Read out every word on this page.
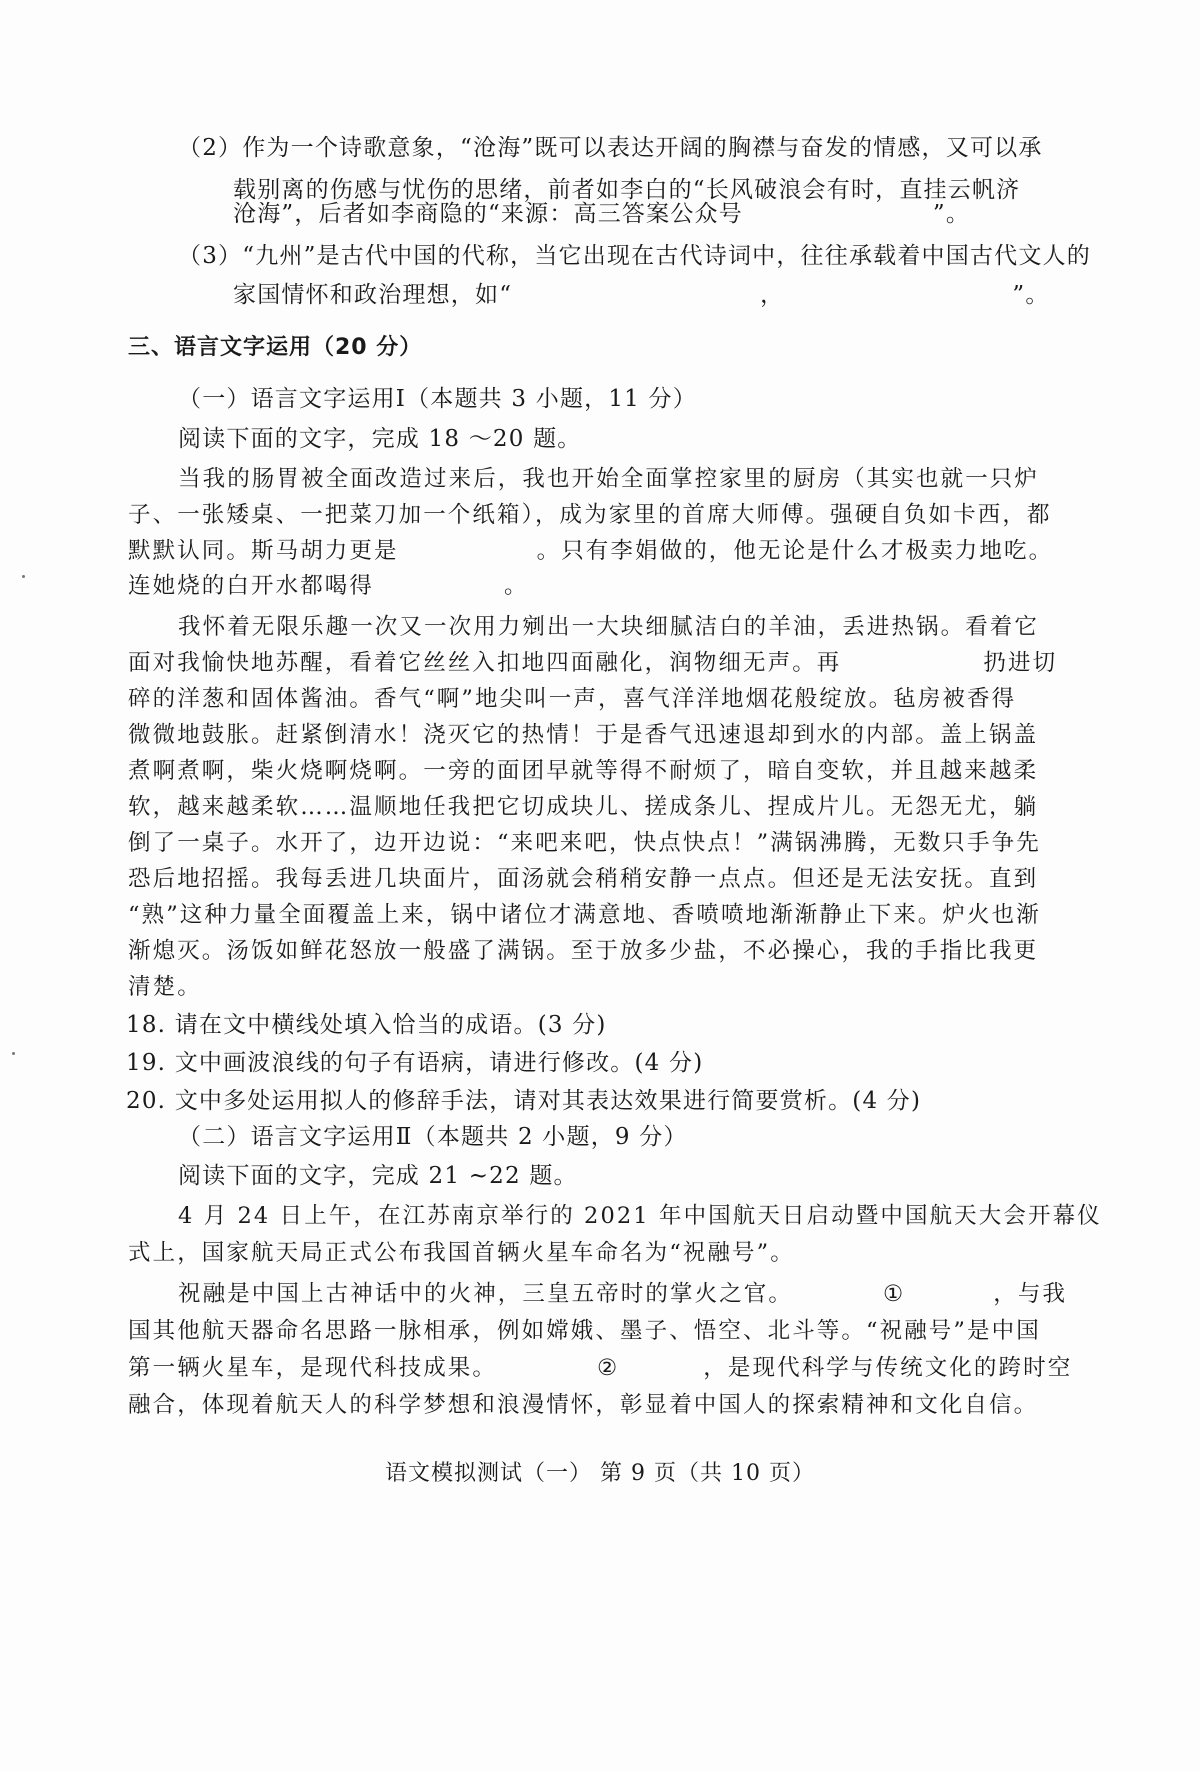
（2）作为一个诗歌意象，“沧海”既可以表达开阔的胸襟与奋发的情感，又可以承
载别离的伤感与忧伤的思绪，前者如李白的“长风破浪会有时，直挂云帆济
沧海”，后者如李商隐的“来源：高三答案公众号	”。
（3）“九州”是古代中国的代称，当它出现在古代诗词中，往往承载着中国古代文人的
家国情怀和政治理想，如“	，	”。
三、语言文字运用（20 分）
（一）语言文字运用Ⅰ（本题共 3 小题，11 分）
阅读下面的文字，完成 18 ～20 题。
当我的肠胃被全面改造过来后，我也开始全面掌控家里的厨房（其实也就一只炉
子、一张矮桌、一把菜刀加一个纸箱），成为家里的首席大师傅。强硬自负如卡西，都
默默认同。斯马胡力更是	。只有李娟做的，他无论是什么才极卖力地吃。
连她烧的白开水都喝得	。
我怀着无限乐趣一次又一次用力剜出一大块细腻洁白的羊油，丢进热锅。看着它
面对我愉快地苏醒，看着它丝丝入扣地四面融化，润物细无声。再	扔进切
碎的洋葱和固体酱油。香气“啊”地尖叫一声，喜气洋洋地烟花般绽放。毡房被香得
微微地鼓胀。赶紧倒清水！浇灭它的热情！于是香气迅速退却到水的内部。盖上锅盖
煮啊煮啊，柴火烧啊烧啊。一旁的面团早就等得不耐烦了，暗自变软，并且越来越柔
软，越来越柔软……温顺地任我把它切成块儿、搓成条儿、捏成片儿。无怨无尤，躺
倒了一桌子。水开了，边开边说：“来吧来吧，快点快点！”满锅沸腾，无数只手争先
恐后地招摇。我每丢进几块面片，面汤就会稍稍安静一点点。但还是无法安抚。直到
“熟”这种力量全面覆盖上来，锅中诸位才满意地、香喷喷地渐渐静止下来。炉火也渐
渐熄灭。汤饭如鲜花怒放一般盛了满锅。至于放多少盐，不必操心，我的手指比我更
清楚。
18. 请在文中横线处填入恰当的成语。(3 分)
19. 文中画波浪线的句子有语病，请进行修改。(4 分)
20. 文中多处运用拟人的修辞手法，请对其表达效果进行简要赏析。(4 分)
（二）语言文字运用Ⅱ（本题共 2 小题，9 分）
阅读下面的文字，完成 21 ~22 题。
4 月 24 日上午，在江苏南京举行的 2021 年中国航天日启动暨中国航天大会开幕仪
式上，国家航天局正式公布我国首辆火星车命名为“祝融号”。
祝融是中国上古神话中的火神，三皇五帝时的掌火之官。	①	，与我
国其他航天器命名思路一脉相承，例如嫦娥、墨子、悟空、北斗等。“祝融号”是中国
第一辆火星车，是现代科技成果。	②	，是现代科学与传统文化的跨时空
融合，体现着航天人的科学梦想和浪漫情怀，彰显着中国人的探索精神和文化自信。
语文模拟测试（一） 第 9 页（共 10 页）
